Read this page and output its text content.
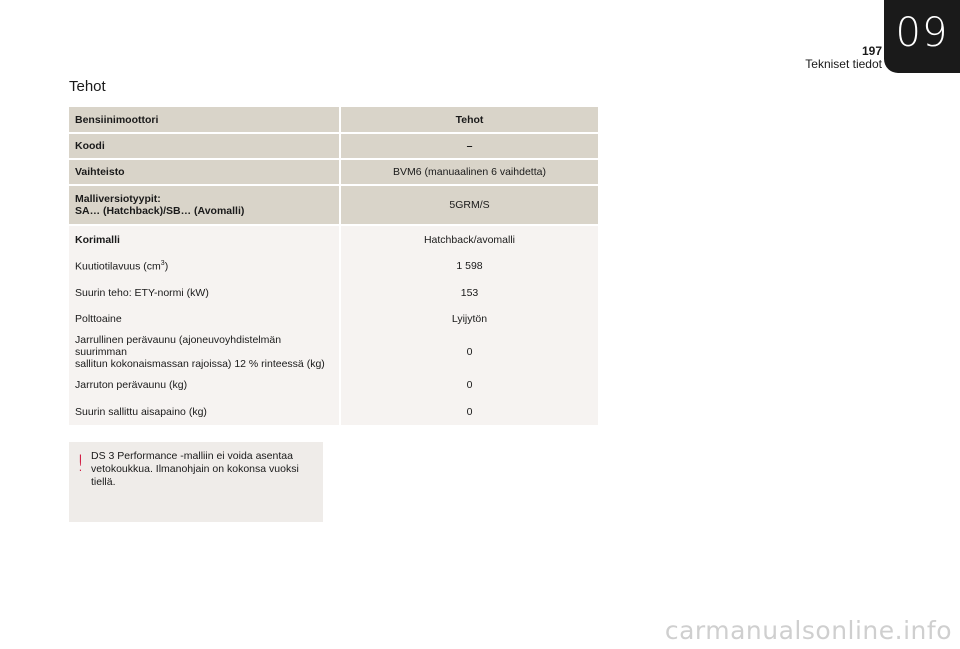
09
197
Tekniset tiedot
Tehot
Bensiinimoottori	Tehot
Koodi	–
Vaihteisto	BVM6 (manuaalinen 6 vaihdetta)

Malliversiotyypit:
SA… (Hatchback)/SB… (Avomalli)	5GRM/S
Korimalli	Hatchback/avomalli
Kuutiotilavuus $(cm^3)$	1 598
Suurin teho: ETY-normi (kW)	153
Polttoaine	Lyijytön

Jarrullinen perävaunu (ajoneuvoyhdistelmän suurimman
sallitun kokonaismassan rajoissa) 12 % rinteessä (kg)	0
Jarruton perävaunu (kg)	0
Suurin sallittu aisapaino (kg)	0
! DS 3 Performance -malliin ei voida asentaa
vetokoukkua. Ilmanohjain on kokonsa vuoksi tiellä.
carmanualsonline.info
